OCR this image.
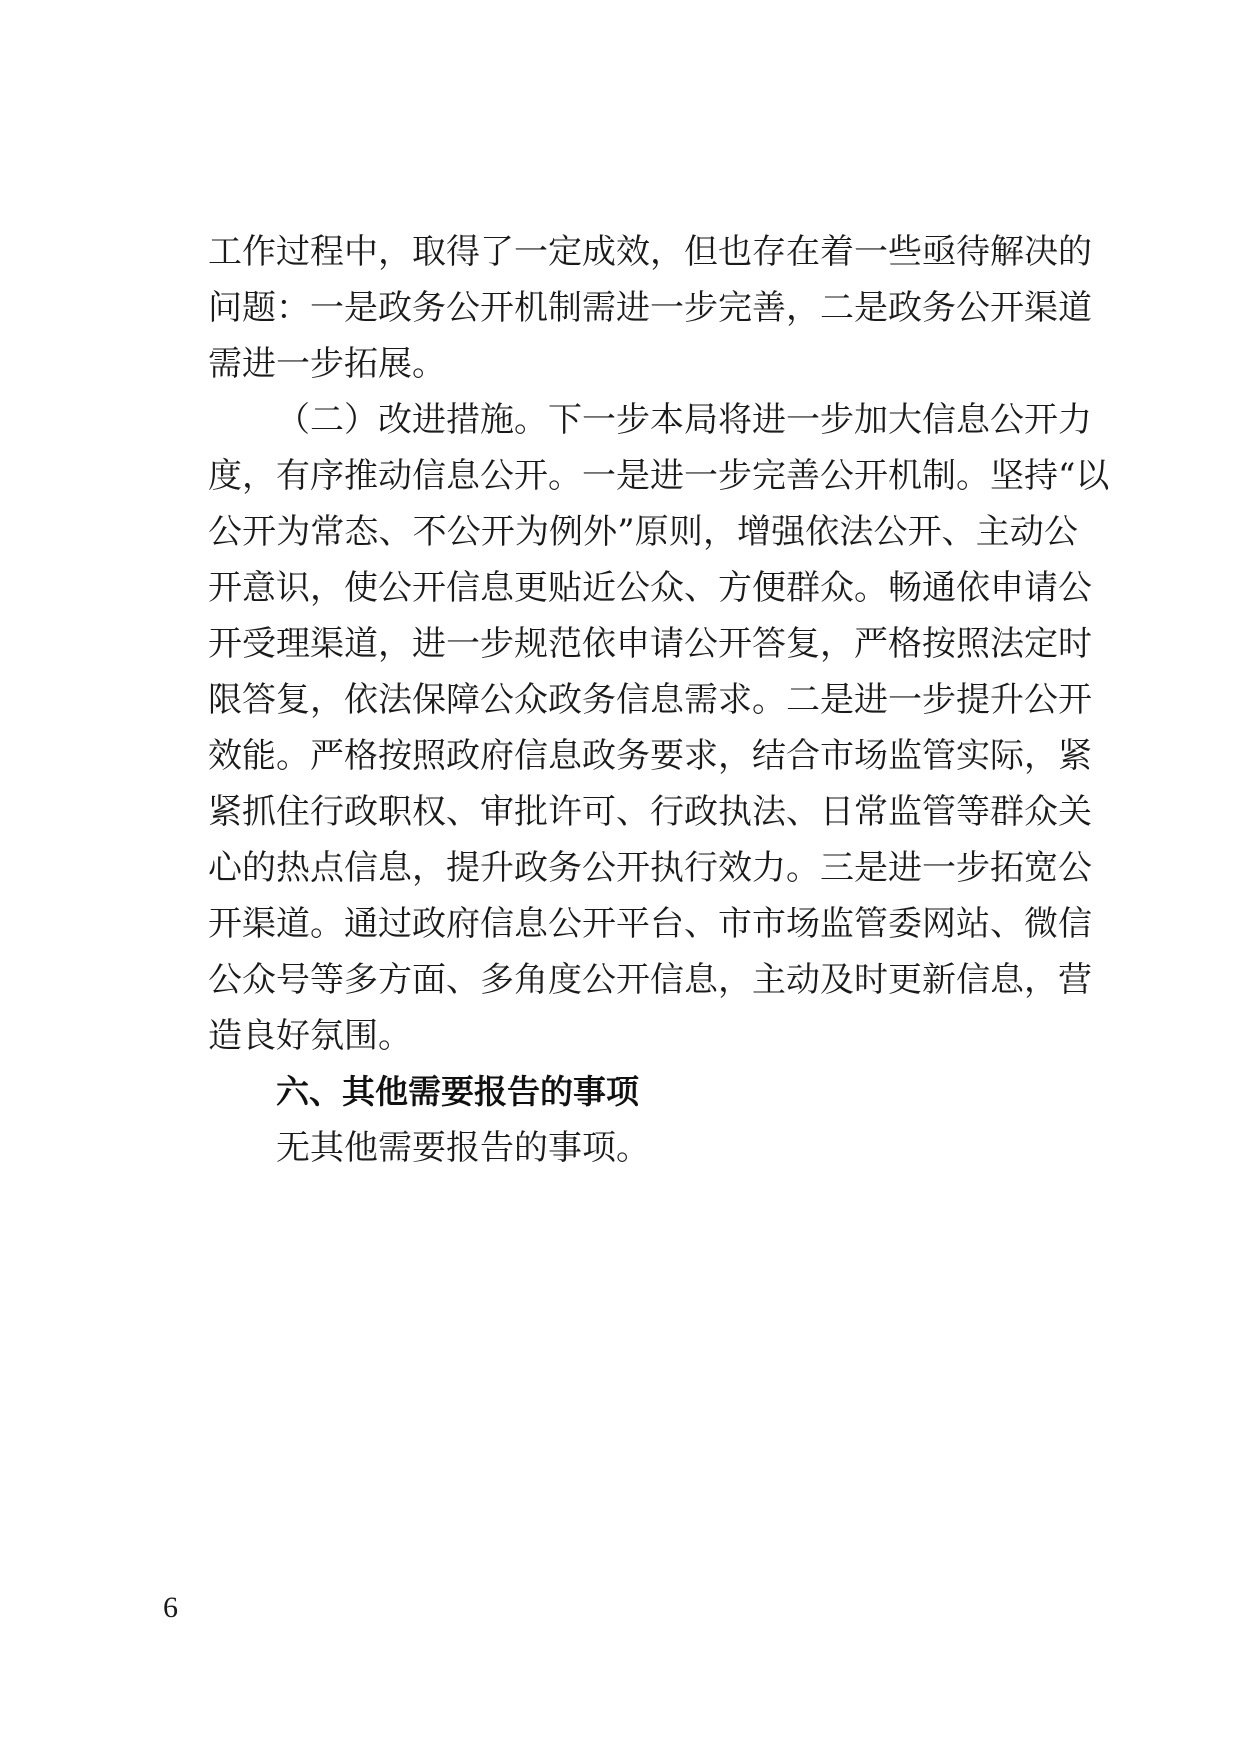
工作过程中，取得了一定成效，但也存在着一些亟待解决的
问题：一是政务公开机制需进一步完善，二是政务公开渠道
需进一步拓展。
（二）改进措施。下一步本局将进一步加大信息公开力
度，有序推动信息公开。一是进一步完善公开机制。坚持“以
公开为常态、不公开为例外”原则，增强依法公开、主动公
开意识，使公开信息更贴近公众、方便群众。畅通依申请公
开受理渠道，进一步规范依申请公开答复，严格按照法定时
限答复，依法保障公众政务信息需求。二是进一步提升公开
效能。严格按照政府信息政务要求，结合市场监管实际，紧
紧抓住行政职权、审批许可、行政执法、日常监管等群众关
心的热点信息，提升政务公开执行效力。三是进一步拓宽公
开渠道。通过政府信息公开平台、市市场监管委网站、微信
公众号等多方面、多角度公开信息，主动及时更新信息，营
造良好氛围。
六、其他需要报告的事项
无其他需要报告的事项。
6
